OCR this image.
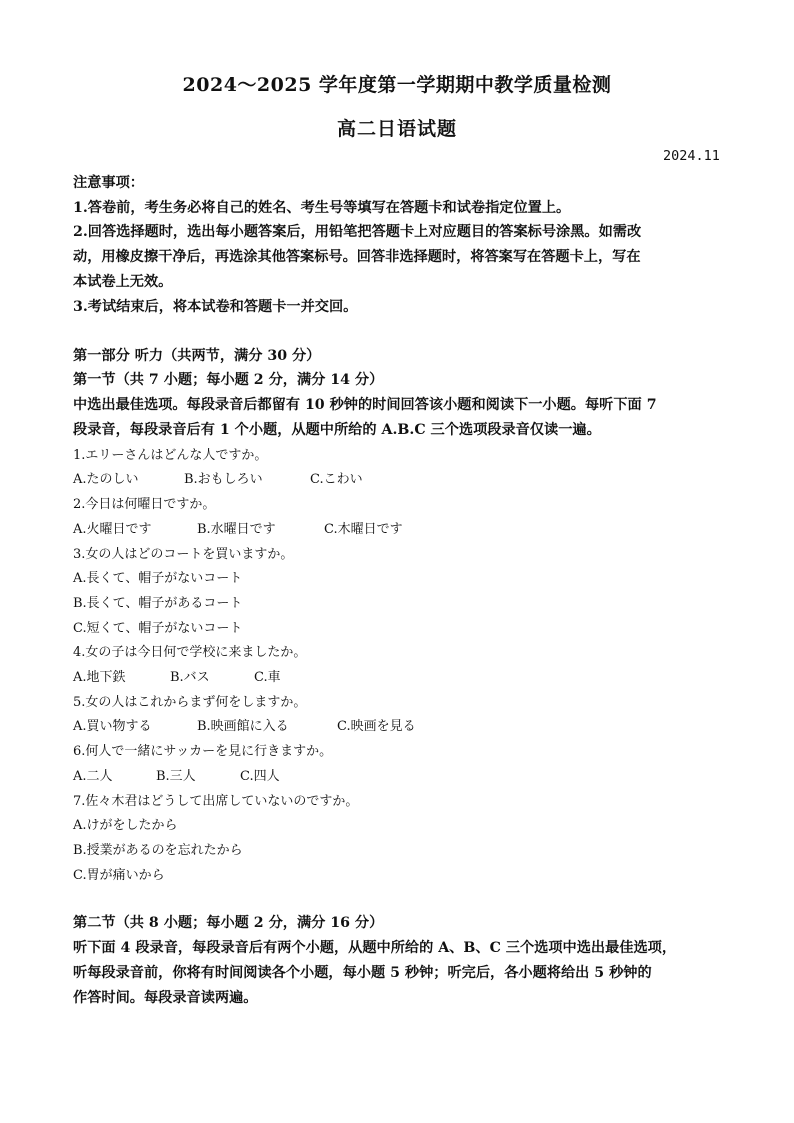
2024～2025 学年度第一学期期中教学质量检测
高二日语试题
2024.11
注意事项：
1.答卷前，考生务必将自己的姓名、考生号等填写在答题卡和试卷指定位置上。
2.回答选择题时，选出每小题答案后，用铅笔把答题卡上对应题目的答案标号涂黑。如需改
动，用橡皮擦干净后，再选涂其他答案标号。回答非选择题时，将答案写在答题卡上，写在
本试卷上无效。
3.考试结束后，将本试卷和答题卡一并交回。
第一部分 听力（共两节，满分 30 分）
第一节（共 7 小题；每小题 2 分，满分 14 分）
中选出最佳选项。每段录音后都留有 10 秒钟的时间回答该小题和阅读下一小题。每听下面 7
段录音，每段录音后有 1 个小题，从题中所给的 A.B.C 三个选项段录音仅读一遍。
1.エリーさんはどんな人ですか。
A.たのしい	B.おもしろい	C.こわい
2.今日は何曜日ですか。
A.火曜日です	B.水曜日です	C.木曜日です
3.女の人はどのコートを買いますか。
A.長くて、帽子がないコート
B.長くて、帽子があるコート
C.短くて、帽子がないコート
4.女の子は今日何で学校に来ましたか。
A.地下鉄	B.バス	C.車
5.女の人はこれからまず何をしますか。
A.買い物する	B.映画館に入る	C.映画を見る
6.何人で一緒にサッカーを見に行きますか。
A.二人	B.三人	C.四人
7.佐々木君はどうして出席していないのですか。
A.けがをしたから
B.授業があるのを忘れたから
C.胃が痛いから
第二节（共 8 小题；每小题 2 分，满分 16 分）
听下面 4 段录音，每段录音后有两个小题，从题中所给的 A、B、C 三个选项中选出最佳选项，
听每段录音前，你将有时间阅读各个小题，每小题 5 秒钟；听完后，各小题将给出 5 秒钟的
作答时间。每段录音读两遍。
